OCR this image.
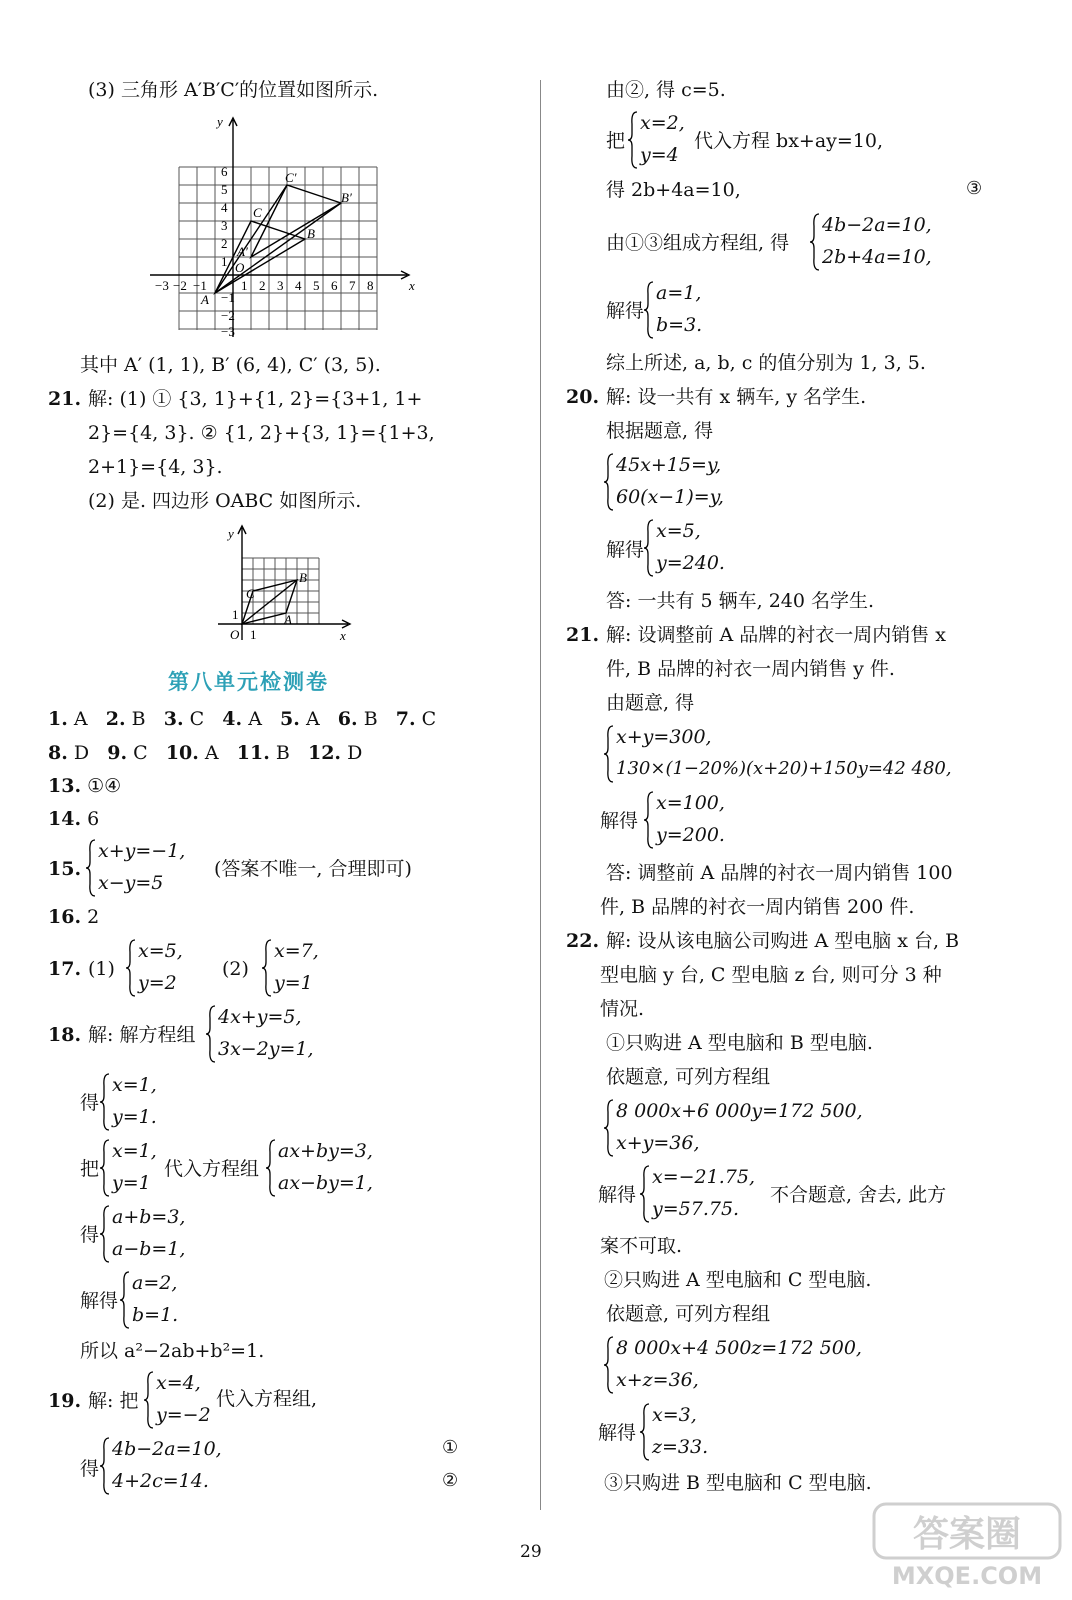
(3) 三角形 A′B′C′的位置如图所示.
−3 −2 −1	2 3 4 5 6 7 8
1
6
5
4
3
2
1
−1
−2
−3
x
y
A
B
C
O
A′
B′
C′
其中 A′ (1, 1), B′ (6, 4), C′ (3, 5).
21. 解: (1) ① {3, 1}+{1, 2}={3+1, 1+
2}={4, 3}. ② {1, 2}+{3, 1}={1+3,
2+1}={4, 3}.
(2) 是. 四边形 OABC 如图所示.
x
y
O 1
1	A
B
C
第八单元检测卷
1. A 2. B 3. C 4. A 5. A 6. B 7. C
8. D 9. C 10. A 11. B 12. D
13. ①④
14. 6
15.
x+y=−1,
x−y=5
(答案不唯一, 合理即可)
16. 2
17. (1)
x=5,
y=2
(2)
x=7,
y=1
18. 解: 解方程组
4x+y=5,
3x−2y=1,
得
x=1,
y=1.
把
x=1,
y=1
代入方程组
ax+by=3,
ax−by=1,
得
a+b=3,
a−b=1,
解得
a=2,
b=1.
所以 a²−2ab+b²=1.
19. 解: 把
x=4,
y=−2
代入方程组,
得
4b−2a=10,
4+2c=14.
①
②
由②, 得 c=5.
把
x=2,
y=4
代入方程 bx+ay=10,
得 2b+4a=10,	③
由①③组成方程组, 得
4b−2a=10,
2b+4a=10,
解得
a=1,
b=3.
综上所述, a, b, c 的值分别为 1, 3, 5.
20. 解: 设一共有 x 辆车, y 名学生.
根据题意, 得
45x+15=y,
60(x−1)=y,
解得
x=5,
y=240.
答: 一共有 5 辆车, 240 名学生.
21. 解: 设调整前 A 品牌的衬衣一周内销售 x
件, B 品牌的衬衣一周内销售 y 件.
由题意, 得
x+y=300,
130×(1−20%)(x+20)+150y=42 480,
解得
x=100,
y=200.
答: 调整前 A 品牌的衬衣一周内销售 100
件, B 品牌的衬衣一周内销售 200 件.
22. 解: 设从该电脑公司购进 A 型电脑 x 台, B
型电脑 y 台, C 型电脑 z 台, 则可分 3 种
情况.
①只购进 A 型电脑和 B 型电脑.
依题意, 可列方程组
8 000x+6 000y=172 500,
x+y=36,
解得
x=−21.75,
y=57.75.
不合题意, 舍去, 此方
案不可取.
②只购进 A 型电脑和 C 型电脑.
依题意, 可列方程组
8 000x+4 500z=172 500,
x+z=36,
解得
x=3,
z=33.
③只购进 B 型电脑和 C 型电脑.
29	答案圈
MXQE.COM
